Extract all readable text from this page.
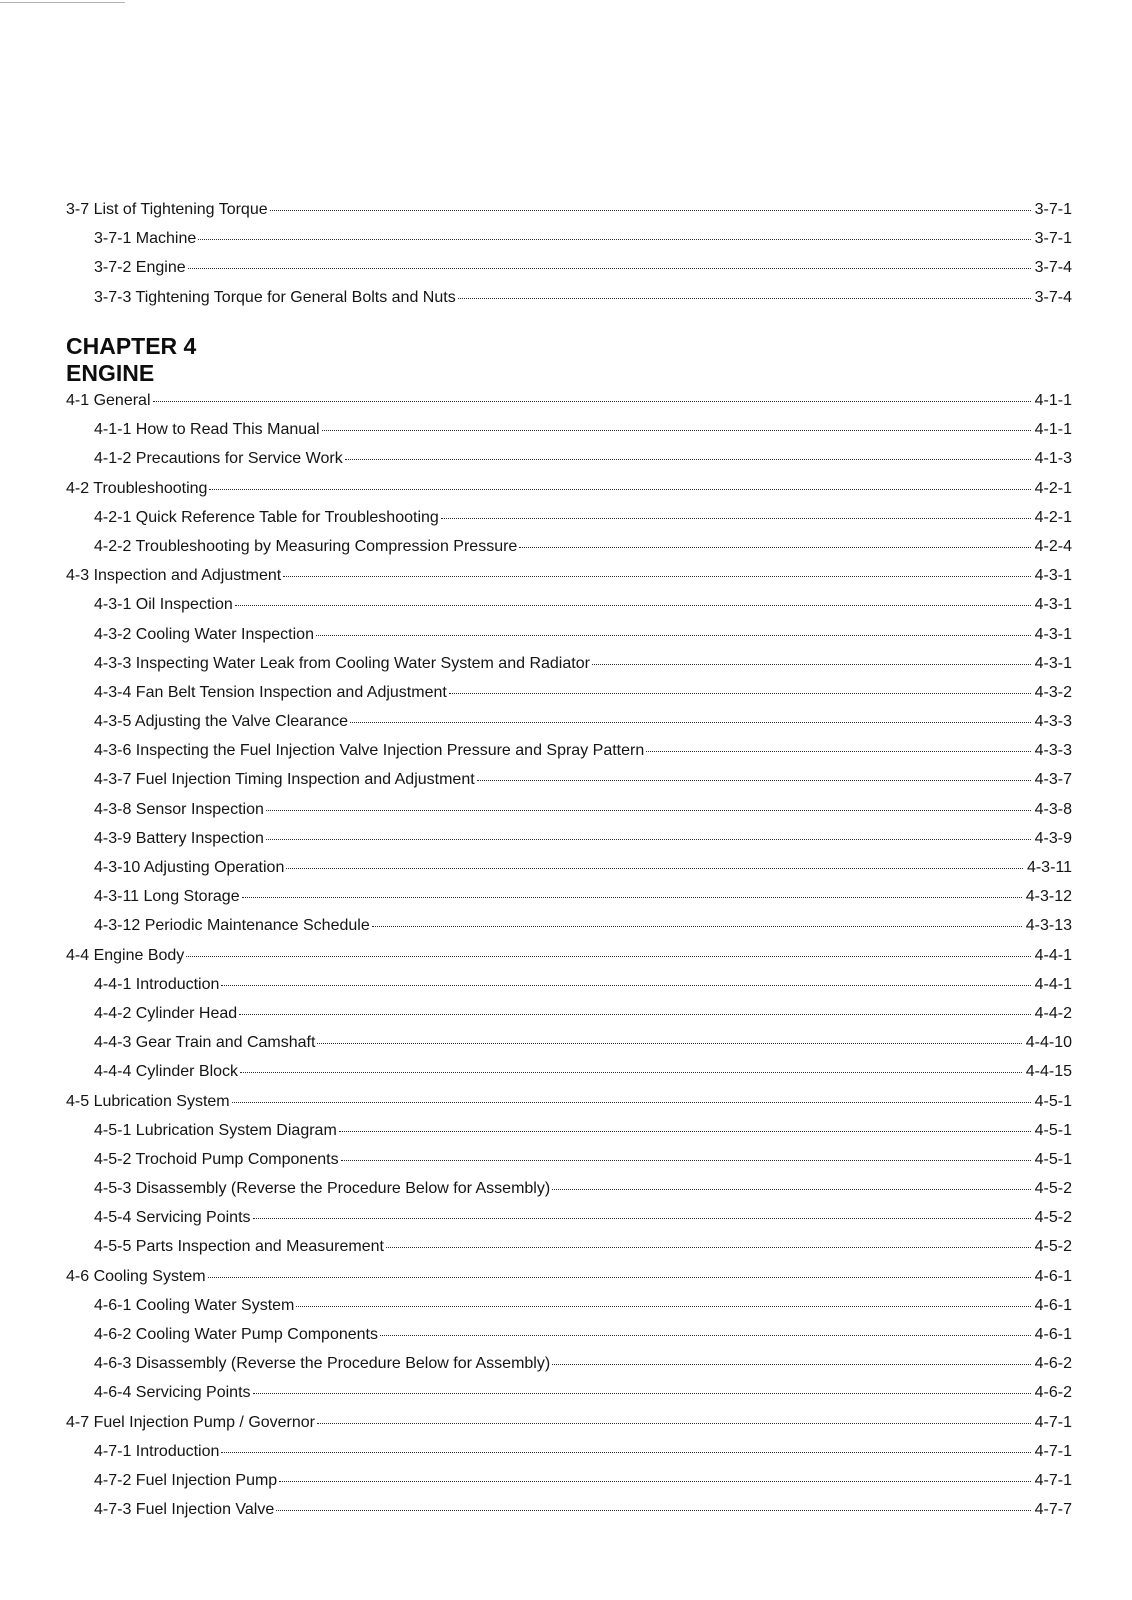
3-7 List of Tightening Torque	3-7-1
3-7-1 Machine	3-7-1
3-7-2 Engine	3-7-4
3-7-3 Tightening Torque for General Bolts and Nuts	3-7-4
CHAPTER 4
ENGINE
4-1 General	4-1-1
4-1-1 How to Read This Manual	4-1-1
4-1-2 Precautions for Service Work	4-1-3
4-2 Troubleshooting	4-2-1
4-2-1 Quick Reference Table for Troubleshooting	4-2-1
4-2-2 Troubleshooting by Measuring Compression Pressure	4-2-4
4-3 Inspection and Adjustment	4-3-1
4-3-1 Oil Inspection	4-3-1
4-3-2 Cooling Water Inspection	4-3-1
4-3-3 Inspecting Water Leak from Cooling Water System and Radiator	4-3-1
4-3-4 Fan Belt Tension Inspection and Adjustment	4-3-2
4-3-5 Adjusting the Valve Clearance	4-3-3
4-3-6 Inspecting the Fuel Injection Valve Injection Pressure and Spray Pattern	4-3-3
4-3-7 Fuel Injection Timing Inspection and Adjustment	4-3-7
4-3-8 Sensor Inspection	4-3-8
4-3-9 Battery Inspection	4-3-9
4-3-10 Adjusting Operation	4-3-11
4-3-11 Long Storage	4-3-12
4-3-12 Periodic Maintenance Schedule	4-3-13
4-4 Engine Body	4-4-1
4-4-1 Introduction	4-4-1
4-4-2 Cylinder Head	4-4-2
4-4-3 Gear Train and Camshaft	4-4-10
4-4-4 Cylinder Block	4-4-15
4-5 Lubrication System	4-5-1
4-5-1 Lubrication System Diagram	4-5-1
4-5-2 Trochoid Pump Components	4-5-1
4-5-3 Disassembly (Reverse the Procedure Below for Assembly)	4-5-2
4-5-4 Servicing Points	4-5-2
4-5-5 Parts Inspection and Measurement	4-5-2
4-6 Cooling System	4-6-1
4-6-1 Cooling Water System	4-6-1
4-6-2 Cooling Water Pump Components	4-6-1
4-6-3 Disassembly (Reverse the Procedure Below for Assembly)	4-6-2
4-6-4 Servicing Points	4-6-2
4-7 Fuel Injection Pump / Governor	4-7-1
4-7-1 Introduction	4-7-1
4-7-2 Fuel Injection Pump	4-7-1
4-7-3 Fuel Injection Valve	4-7-7
